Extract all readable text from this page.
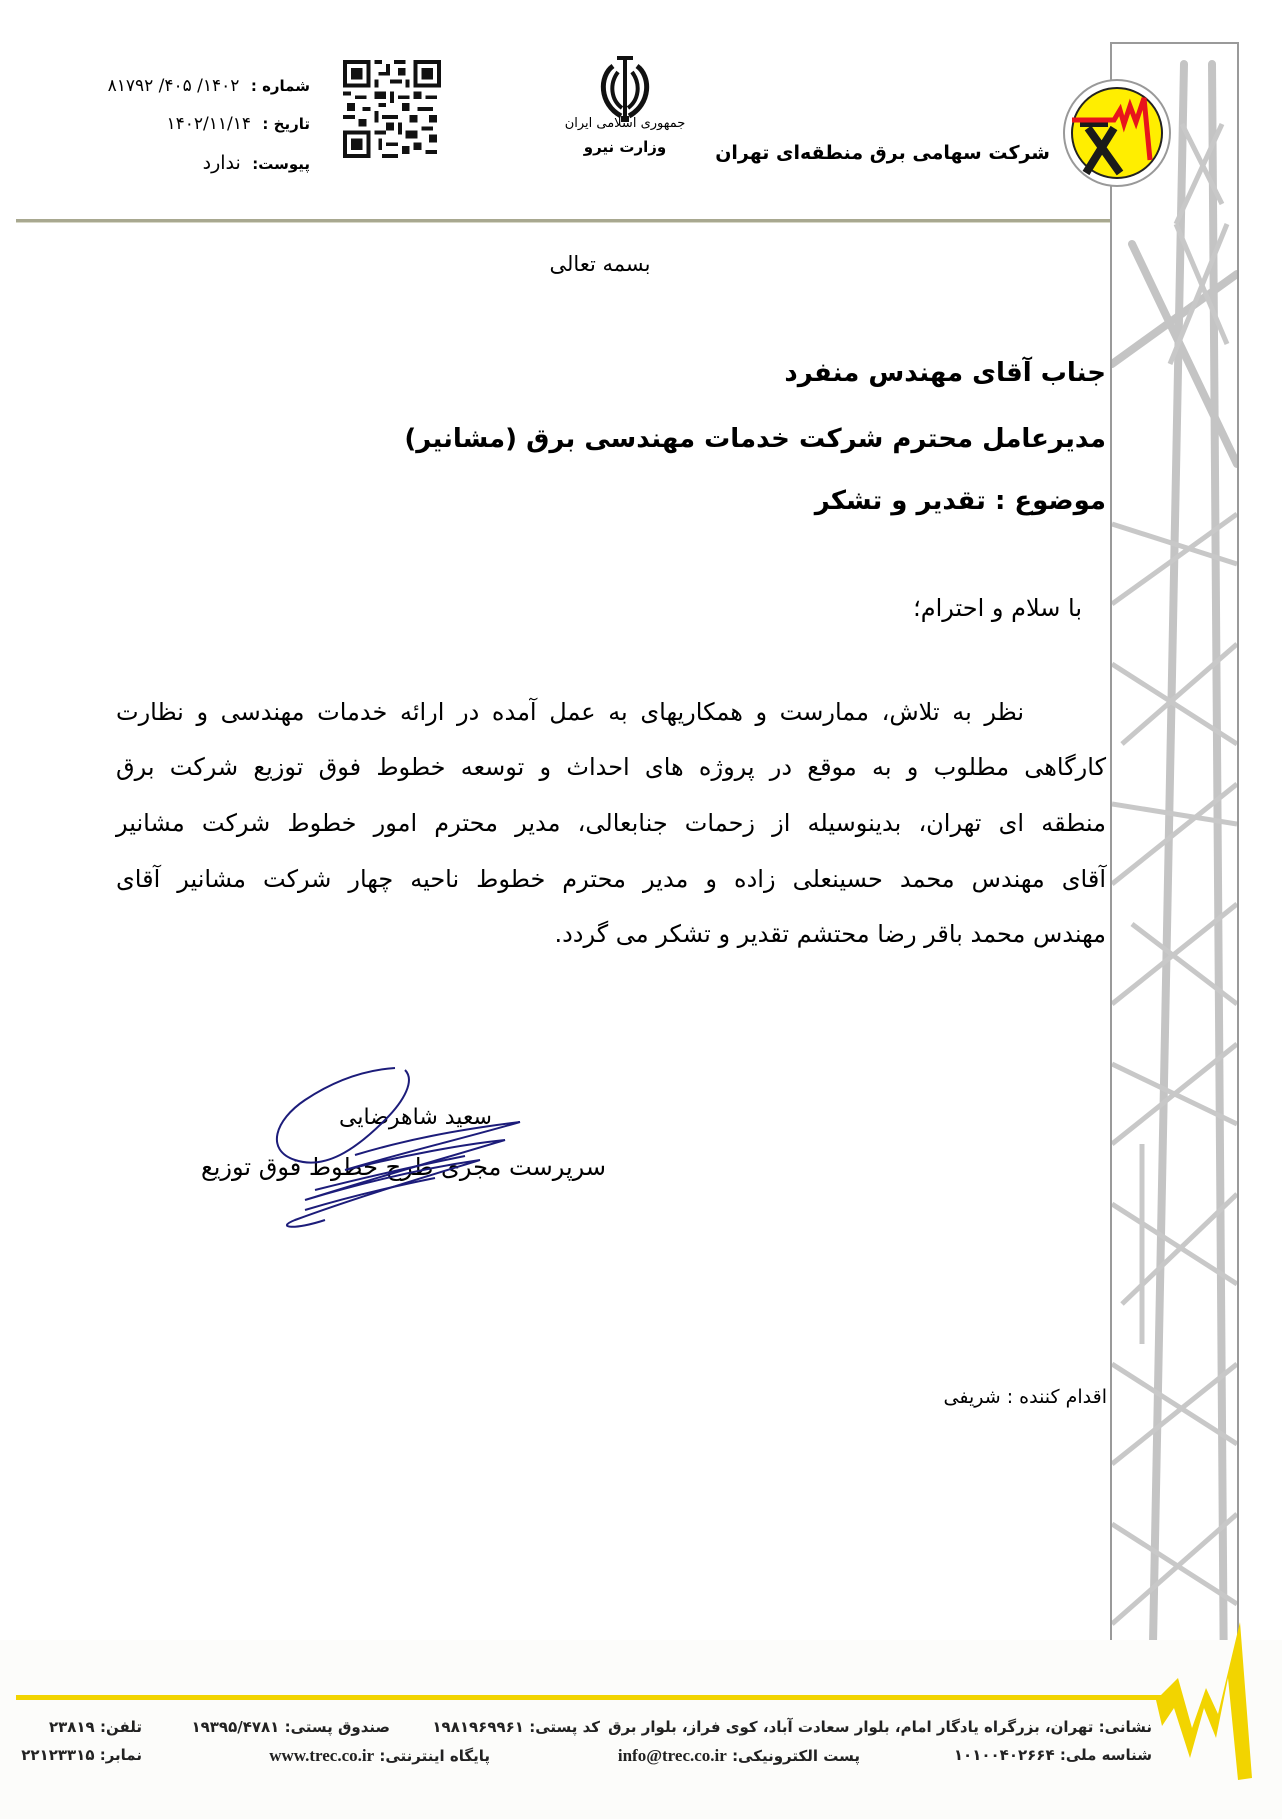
شرکت سهامی برق منطقه‌ای تهران
جمهوری اسلامی ایران
وزارت نیرو
شماره : ۱۴۰۲/ ۴۰۵/ ۸۱۷۹۲
تاریخ : ۱۴۰۲/۱۱/۱۴
پیوست: ندارد
بسمه تعالی
جناب آقای مهندس منفرد
مدیرعامل محترم شرکت خدمات مهندسی برق (مشانیر)
موضوع : تقدیر و تشکر
با سلام و احترام؛
نظر به تلاش، ممارست و همکاریهای به عمل آمده در ارائه خدمات مهندسی و نظارت
کارگاهی مطلوب و به موقع در پروژه های احداث و توسعه خطوط فوق توزیع شرکت برق
منطقه ای تهران، بدینوسیله از زحمات جنابعالی، مدیر محترم امور خطوط شرکت مشانیر
آقای مهندس محمد حسینعلی زاده و مدیر محترم خطوط ناحیه چهار شرکت مشانیر آقای
مهندس محمد باقر رضا محتشم تقدیر و تشکر می گردد.
سعید شاهرضایی
سرپرست مجری طرح خطوط فوق توزیع
اقدام کننده : شریفی
نشانی: تهران، بزرگراه یادگار امام، بلوار سعادت آباد، کوی فراز، بلوار برق
کد پستی: ۱۹۸۱۹۶۹۹۶۱
صندوق پستی: ۱۹۳۹۵/۴۷۸۱
تلفن: ۲۳۸۱۹
شناسه ملی: ۱۰۱۰۰۴۰۲۶۶۴
پست الکترونیکی: info@trec.co.ir
پایگاه اینترنتی: www.trec.co.ir
نمابر: ۲۲۱۲۳۳۱۵
